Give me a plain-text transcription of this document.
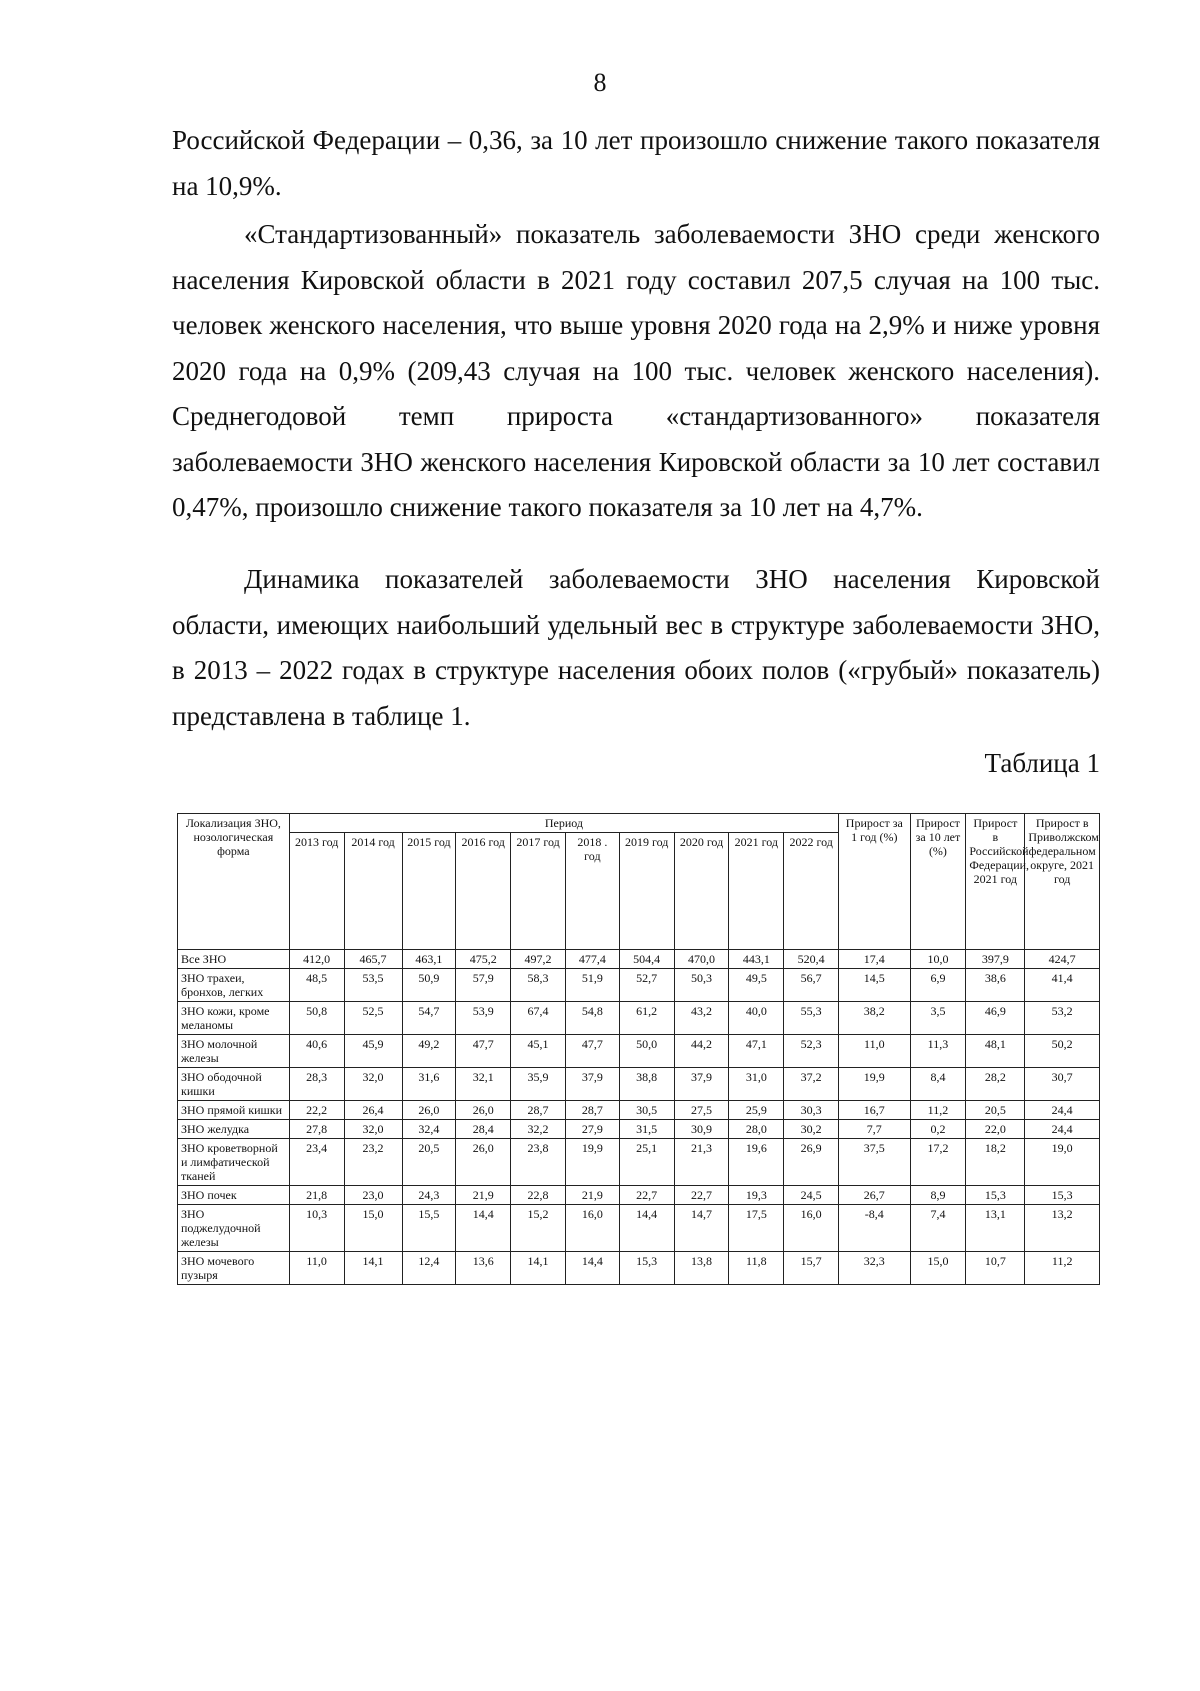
8

Российской Федерации – 0,36, за 10 лет произошло снижение такого показателя на 10,9%.

«Стандартизованный» показатель заболеваемости ЗНО среди женского населения Кировской области в 2021 году составил 207,5 случая на 100 тыс. человек женского населения, что выше уровня 2020 года на 2,9% и ниже уровня 2020 года на 0,9% (209,43 случая на 100 тыс. человек женского населения). Среднегодовой темп прироста «стандартизованного» показателя заболеваемости ЗНО женского населения Кировской области за 10 лет составил 0,47%, произошло снижение такого показателя за 10 лет на 4,7%.

Динамика показателей заболеваемости ЗНО населения Кировской области, имеющих наибольший удельный вес в структуре заболеваемости ЗНО, в 2013 – 2022 годах в структуре населения обоих полов («грубый» показатель) представлена в таблице 1.

Таблица 1
Локализация ЗНО, нозологическая форма	Период										Прирост за 1 год (%)	Прирост за 10 лет (%)	Прирост в Российской Федерации, 2021 год	Прирост в Приволжском федеральном округе, 2021 год
	2013 год	2014 год	2015 год	2016 год	2017 год	2018 . год	2019 год	2020 год	2021 год	2022 год				
Все ЗНО	412,0	465,7	463,1	475,2	497,2	477,4	504,4	470,0	443,1	520,4	17,4	10,0	397,9	424,7
ЗНО трахеи, бронхов, легких	48,5	53,5	50,9	57,9	58,3	51,9	52,7	50,3	49,5	56,7	14,5	6,9	38,6	41,4
ЗНО кожи, кроме меланомы	50,8	52,5	54,7	53,9	67,4	54,8	61,2	43,2	40,0	55,3	38,2	3,5	46,9	53,2
ЗНО молочной железы	40,6	45,9	49,2	47,7	45,1	47,7	50,0	44,2	47,1	52,3	11,0	11,3	48,1	50,2
ЗНО ободочной кишки	28,3	32,0	31,6	32,1	35,9	37,9	38,8	37,9	31,0	37,2	19,9	8,4	28,2	30,7
ЗНО прямой кишки	22,2	26,4	26,0	26,0	28,7	28,7	30,5	27,5	25,9	30,3	16,7	11,2	20,5	24,4
ЗНО желудка	27,8	32,0	32,4	28,4	32,2	27,9	31,5	30,9	28,0	30,2	7,7	0,2	22,0	24,4
ЗНО кроветворной и лимфатической тканей	23,4	23,2	20,5	26,0	23,8	19,9	25,1	21,3	19,6	26,9	37,5	17,2	18,2	19,0
ЗНО почек	21,8	23,0	24,3	21,9	22,8	21,9	22,7	22,7	19,3	24,5	26,7	8,9	15,3	15,3
ЗНО поджелудочной железы	10,3	15,0	15,5	14,4	15,2	16,0	14,4	14,7	17,5	16,0	-8,4	7,4	13,1	13,2
ЗНО мочевого пузыря	11,0	14,1	12,4	13,6	14,1	14,4	15,3	13,8	11,8	15,7	32,3	15,0	10,7	11,2
